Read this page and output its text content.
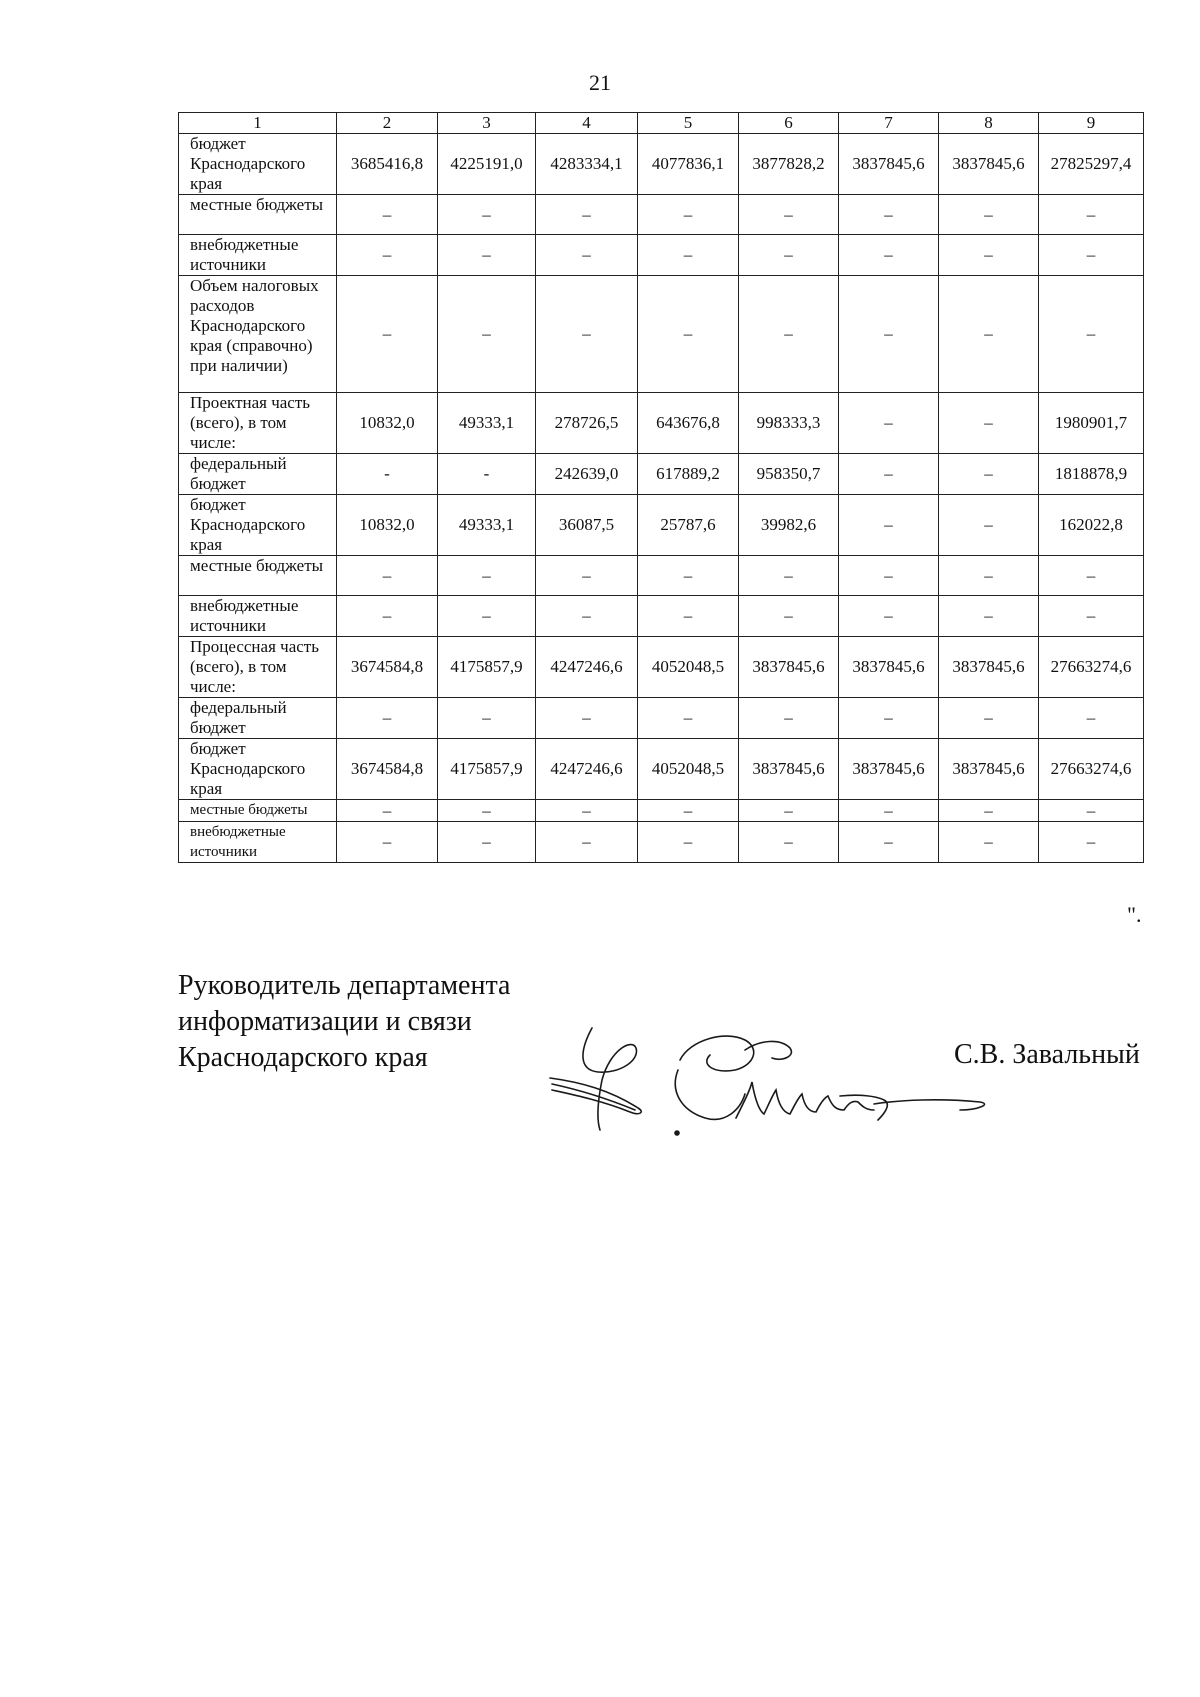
21
1	2	3	4	5	6	7	8	9
бюджет Краснодарского края	3685416,8	4225191,0	4283334,1	4077836,1	3877828,2	3837845,6	3837845,6	27825297,4
местные бюджеты	–	–	–	–	–	–	–	–
внебюджетные источники	–	–	–	–	–	–	–	–
Объем налоговых расходов Краснодарского края (справочно) при наличии)	–	–	–	–	–	–	–	–
Проектная часть (всего), в том числе:	10832,0	49333,1	278726,5	643676,8	998333,3	–	–	1980901,7
федеральный бюджет	-	-	242639,0	617889,2	958350,7	–	–	1818878,9
бюджет Краснодарского края	10832,0	49333,1	36087,5	25787,6	39982,6	–	–	162022,8
местные бюджеты	–	–	–	–	–	–	–	–
внебюджетные источники	–	–	–	–	–	–	–	–
Процессная часть (всего), в том числе:	3674584,8	4175857,9	4247246,6	4052048,5	3837845,6	3837845,6	3837845,6	27663274,6
федеральный бюджет	–	–	–	–	–	–	–	–
бюджет Краснодарского края	3674584,8	4175857,9	4247246,6	4052048,5	3837845,6	3837845,6	3837845,6	27663274,6
местные бюджеты	–	–	–	–	–	–	–	–
внебюджетные источники	–	–	–	–	–	–	–	–
".
Руководитель департамента
информатизации и связи
Краснодарского края	С.В. Завальный
